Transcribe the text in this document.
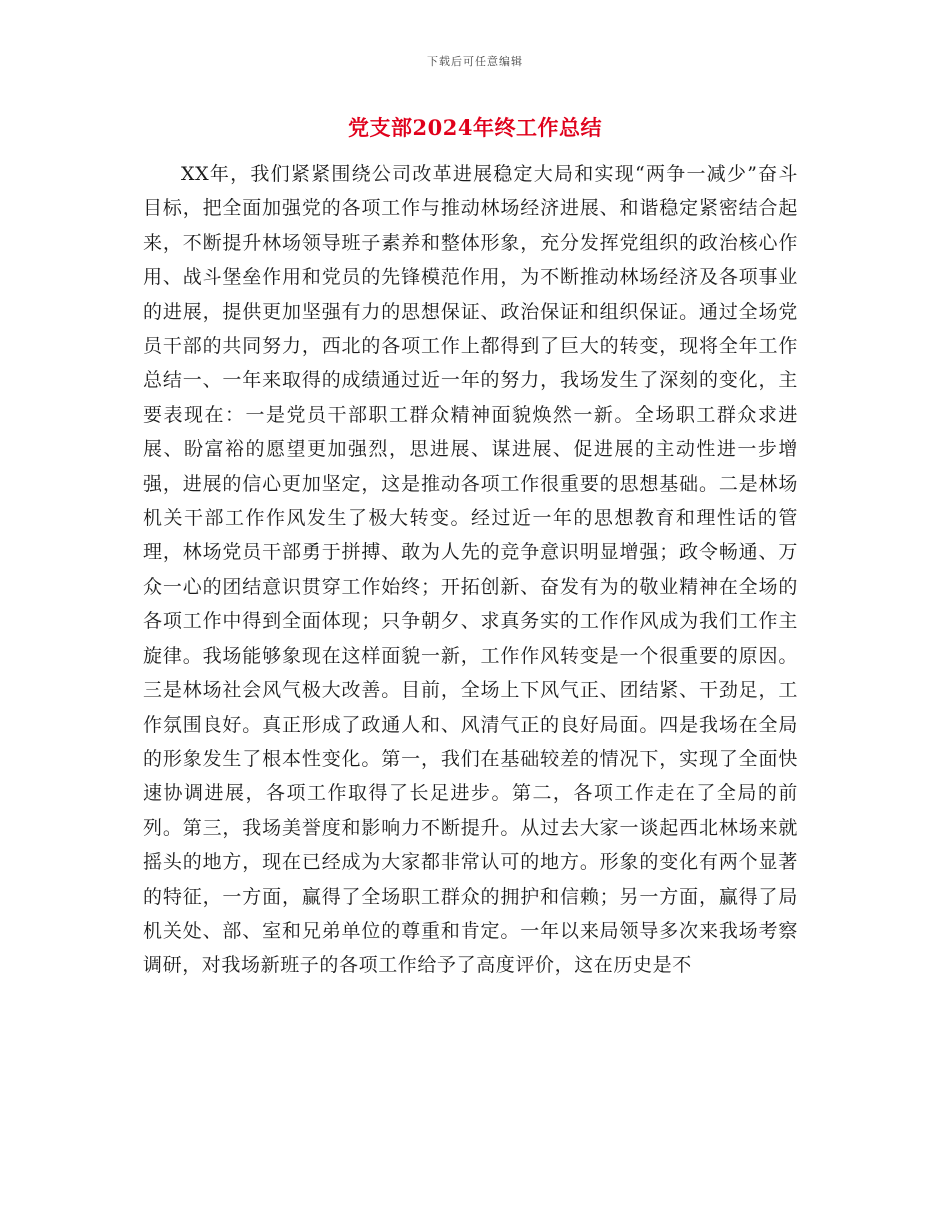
下载后可任意编辑
党支部2024年终工作总结

XX年，我们紧紧围绕公司改革进展稳定大局和实现“两争一减少”奋斗目标，把全面加强党的各项工作与推动林场经济进展、和谐稳定紧密结合起来，不断提升林场领导班子素养和整体形象，充分发挥党组织的政治核心作用、战斗堡垒作用和党员的先锋模范作用，为不断推动林场经济及各项事业的进展，提供更加坚强有力的思想保证、政治保证和组织保证。通过全场党员干部的共同努力，西北的各项工作上都得到了巨大的转变，现将全年工作总结一、一年来取得的成绩通过近一年的努力，我场发生了深刻的变化，主要表现在：一是党员干部职工群众精神面貌焕然一新。全场职工群众求进展、盼富裕的愿望更加强烈，思进展、谋进展、促进展的主动性进一步增强，进展的信心更加坚定，这是推动各项工作很重要的思想基础。二是林场机关干部工作作风发生了极大转变。经过近一年的思想教育和理性话的管理，林场党员干部勇于拼搏、敢为人先的竞争意识明显增强；政令畅通、万众一心的团结意识贯穿工作始终；开拓创新、奋发有为的敬业精神在全场的各项工作中得到全面体现；只争朝夕、求真务实的工作作风成为我们工作主旋律。我场能够象现在这样面貌一新，工作作风转变是一个很重要的原因。三是林场社会风气极大改善。目前，全场上下风气正、团结紧、干劲足，工作氛围良好。真正形成了政通人和、风清气正的良好局面。四是我场在全局的形象发生了根本性变化。第一，我们在基础较差的情况下，实现了全面快速协调进展，各项工作取得了长足进步。第二，各项工作走在了全局的前列。第三，我场美誉度和影响力不断提升。从过去大家一谈起西北林场来就摇头的地方，现在已经成为大家都非常认可的地方。形象的变化有两个显著的特征，一方面，赢得了全场职工群众的拥护和信赖；另一方面，赢得了局机关处、部、室和兄弟单位的尊重和肯定。一年以来局领导多次来我场考察调研，对我场新班子的各项工作给予了高度评价，这在历史是不
